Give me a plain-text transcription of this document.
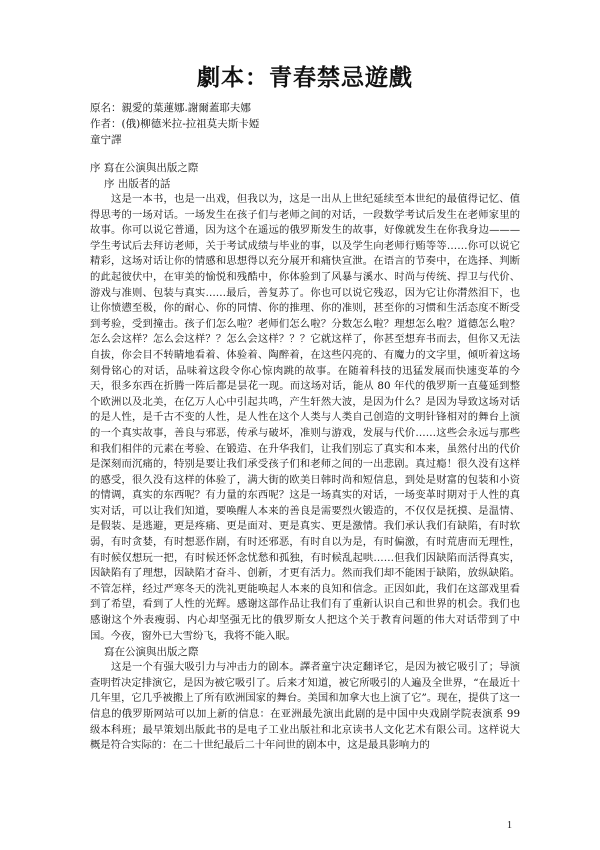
劇本：青春禁忌遊戲

原名：親愛的葉蓮娜.謝爾蓋耶夫娜

作者：(俄)柳德米拉-拉祖莫夫斯卡婭

童宁譯

序 寫在公演與出版之際

序 出版者的話

这是一本书，也是一出戏，但我以为，这是一出从上世纪延续至本世纪的最值得记忆、值得思考的一场对话。一场发生在孩子们与老师之间的对话，一段数学考试后发生在老师家里的故事。你可以说它普通，因为这个在遥远的俄罗斯发生的故事，好像就发生在你我身边———学生考试后去拜访老师，关于考试成绩与毕业的事，以及学生向老师行贿等等……你可以说它精彩，这场对话让你的情感和思想得以充分展开和痛快宣泄。在语言的节奏中，在选择、判断的此起彼伏中，在审美的愉悦和残酷中，你体验到了风暴与溪水、时尚与传统、捍卫与代价、游戏与准则、包装与真实……最后，善复苏了。你也可以说它残忍，因为它让你潸然泪下，也让你愤懑至极，你的耐心、你的同情、你的推理、你的准则，甚至你的习惯和生活态度不断受到考验，受到撞击。孩子们怎么啦？老师们怎么啦？分数怎么啦？理想怎么啦？道德怎么啦？怎么会这样？怎么会这样？？怎么会这样？？？它就这样了，你甚至想弃书而去，但你又无法自拔，你会目不转睛地看着、体验着、陶醉着，在这些闪亮的、有魔力的文字里，倾听着这场刻骨铭心的对话，品味着这段令你心惊肉跳的故事。在随着科技的迅猛发展而快速变革的今天，很多东西在折腾一阵后都是昙花一现。而这场对话，能从 80 年代的俄罗斯一直蔓延到整个欧洲以及北美，在亿万人心中引起共鸣，产生轩然大波，是因为什么？是因为导致这场对话的是人性，是千古不变的人性，是人性在这个人类与人类自己创造的文明针锋相对的舞台上演的一个真实故事，善良与邪恶，传承与破坏，准则与游戏，发展与代价……这些会永远与那些和我们相伴的元素在考验、在锻造、在升华我们，让我们别忘了真实和本来，虽然付出的代价是深刻而沉痛的，特别是要让我们承受孩子们和老师之间的一出悲剧。真过瘾！很久没有这样的感受，很久没有这样的体验了，满大街的欧美日韩时尚和短信息，到处是财富的包装和小资的情调，真实的东西呢？有力量的东西呢？这是一场真实的对话，一场变革时期对于人性的真实对话，可以让我们知道，要唤醒人本来的善良是需要烈火锻造的，不仅仅是抚摸、是温情、是假装、是逃避，更是疼痛、更是面对、更是真实、更是激情。我们承认我们有缺陷，有时软弱，有时贪婪，有时想恶作剧，有时还邪恶，有时自以为是，有时偏激，有时荒唐而无理性，有时候仅想玩一把，有时候还怀念忧愁和孤独，有时候乱起哄……但我们因缺陷而活得真实，因缺陷有了理想，因缺陷才奋斗、创新，才更有活力。然而我们却不能困于缺陷，放纵缺陷。不管怎样，经过严寒冬天的洗礼更能唤起人本来的良知和信念。正因如此，我们在这部戏里看到了希望，看到了人性的光辉。感谢这部作品让我们有了重新认识自己和世界的机会。我们也感谢这个外表瘦弱、内心却坚强无比的俄罗斯女人把这个关于教育问题的伟大对话带到了中国。今夜，窗外已大雪纷飞，我将不能入眠。

寫在公演與出版之際

这是一个有强大吸引力与冲击力的剧本。譯者童宁决定翻译它，是因为被它吸引了；导演查明哲决定排演它，是因为被它吸引了。后来才知道，被它所吸引的人遍及全世界，“在最近十几年里，它几乎被搬上了所有欧洲国家的舞台。美国和加拿大也上演了它”。现在，提供了这一信息的俄罗斯网站可以加上新的信息：在亚洲最先演出此剧的是中国中央戏剧学院表演系 99 级本科班；最早策划出版此书的是电子工业出版社和北京读书人文化艺术有限公司。这样说大概是符合实际的：在二十世纪最后二十年问世的剧本中，这是最具影响力的

1
